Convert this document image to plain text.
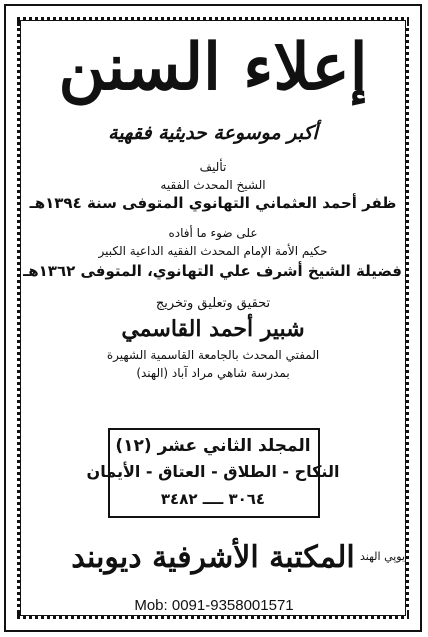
إعلاء السنن
أكبر موسوعة حديثية فقهية
تأليف
الشيخ المحدث الفقيه
ظفر أحمد العثماني التهانوي المتوفى سنة ١٣٩٤هـ
على ضوء ما أفاده
حكيم الأمة الإمام المحدث الفقيه الداعية الكبير
فضيلة الشيخ أشرف علي التهانوي، المتوفى ١٣٦٢هـ
تحقيق وتعليق وتخريج
شبير أحمد القاسمي
المفتي المحدث بالجامعة القاسمية الشهيرة
بمدرسة شاهي مراد آباد (الهند)
المجلد الثاني عشر (١٢)
النكاح - الطلاق - العتاق - الأيمان
٣٠٦٤ ــــ ٣٤٨٢
المكتبة الأشرفية ديوبند يوپي الهند
Mob: 0091-9358001571
